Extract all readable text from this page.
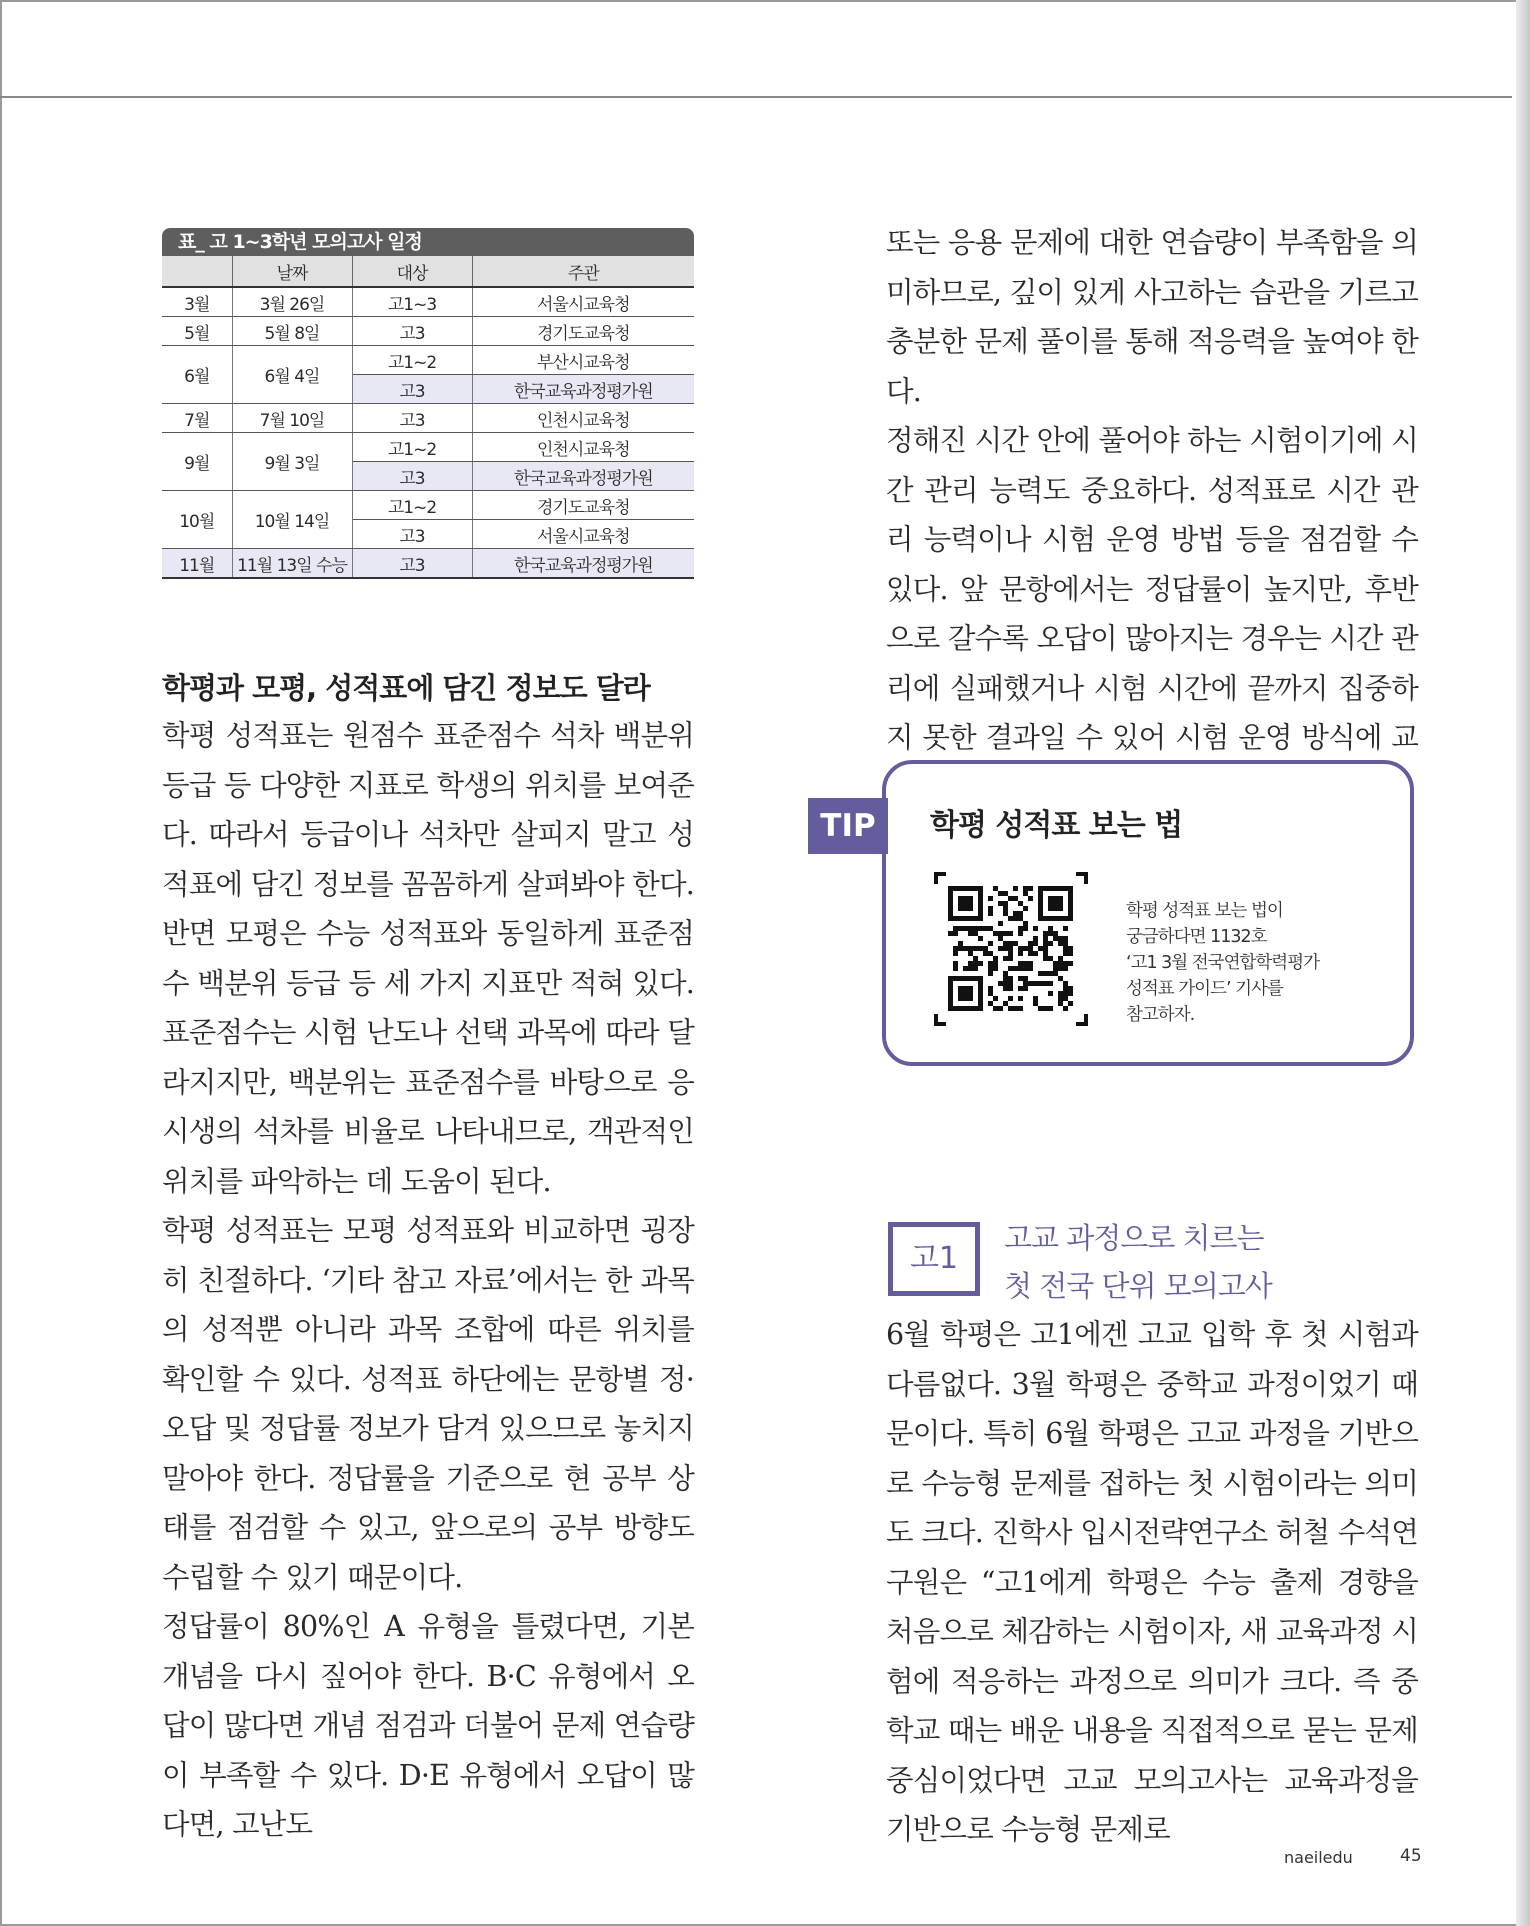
표_ 고 1~3학년 모의고사 일정
	날짜	대상	주관
3월	3월 26일	고1~3	서울시교육청
5월	5월 8일	고3	경기도교육청
6월	6월 4일	고1~2	부산시교육청
		고3	한국교육과정평가원
7월	7월 10일	고3	인천시교육청
9월	9월 3일	고1~2	인천시교육청
		고3	한국교육과정평가원
10월	10월 14일	고1~2	경기도교육청
		고3	서울시교육청
11월	11월 13일 수능	고3	한국교육과정평가원
학평과 모평, 성적표에 담긴 정보도 달라

학평 성적표는 원점수 표준점수 석차 백분위 등급 등 다양한 지표로 학생의 위치를 보여준다. 따라서 등급이나 석차만 살피지 말고 성적표에 담긴 정보를 꼼꼼하게 살펴봐야 한다. 반면 모평은 수능 성적표와 동일하게 표준점수 백분위 등급 등 세 가지 지표만 적혀 있다. 표준점수는 시험 난도나 선택 과목에 따라 달라지지만, 백분위는 표준점수를 바탕으로 응시생의 석차를 비율로 나타내므로, 객관적인 위치를 파악하는 데 도움이 된다.

학평 성적표는 모평 성적표와 비교하면 굉장히 친절하다. ‘기타 참고 자료’에서는 한 과목의 성적뿐 아니라 과목 조합에 따른 위치를 확인할 수 있다. 성적표 하단에는 문항별 정·오답 및 정답률 정보가 담겨 있으므로 놓치지 말아야 한다. 정답률을 기준으로 현 공부 상태를 점검할 수 있고, 앞으로의 공부 방향도 수립할 수 있기 때문이다.

정답률이 80%인 A 유형을 틀렸다면, 기본 개념을 다시 짚어야 한다. B·C 유형에서 오답이 많다면 개념 점검과 더불어 문제 연습량이 부족할 수 있다. D·E 유형에서 오답이 많다면, 고난도

또는 응용 문제에 대한 연습량이 부족함을 의미하므로, 깊이 있게 사고하는 습관을 기르고 충분한 문제 풀이를 통해 적응력을 높여야 한다.

정해진 시간 안에 풀어야 하는 시험이기에 시간 관리 능력도 중요하다. 성적표로 시간 관리 능력이나 시험 운영 방법 등을 점검할 수 있다. 앞 문항에서는 정답률이 높지만, 후반으로 갈수록 오답이 많아지는 경우는 시간 관리에 실패했거나 시험 시간에 끝까지 집중하지 못한 결과일 수 있어 시험 운영 방식에 교

TIP	학평 성적표 보는 법
학평 성적표 보는 법이
궁금하다면 1132호
‘고1 3월 전국연합학력평가
성적표 가이드’ 기사를
참고하자.
고1
고교 과정으로 치르는
첫 전국 단위 모의고사

6월 학평은 고1에겐 고교 입학 후 첫 시험과 다름없다. 3월 학평은 중학교 과정이었기 때문이다. 특히 6월 학평은 고교 과정을 기반으로 수능형 문제를 접하는 첫 시험이라는 의미도 크다. 진학사 입시전략연구소 허철 수석연구원은 “고1에게 학평은 수능 출제 경향을 처음으로 체감하는 시험이자, 새 교육과정 시험에 적응하는 과정으로 의미가 크다. 즉 중학교 때는 배운 내용을 직접적으로 묻는 문제 중심이었다면 고교 모의고사는 교육과정을 기반으로 수능형 문제로

naeiledu	45
